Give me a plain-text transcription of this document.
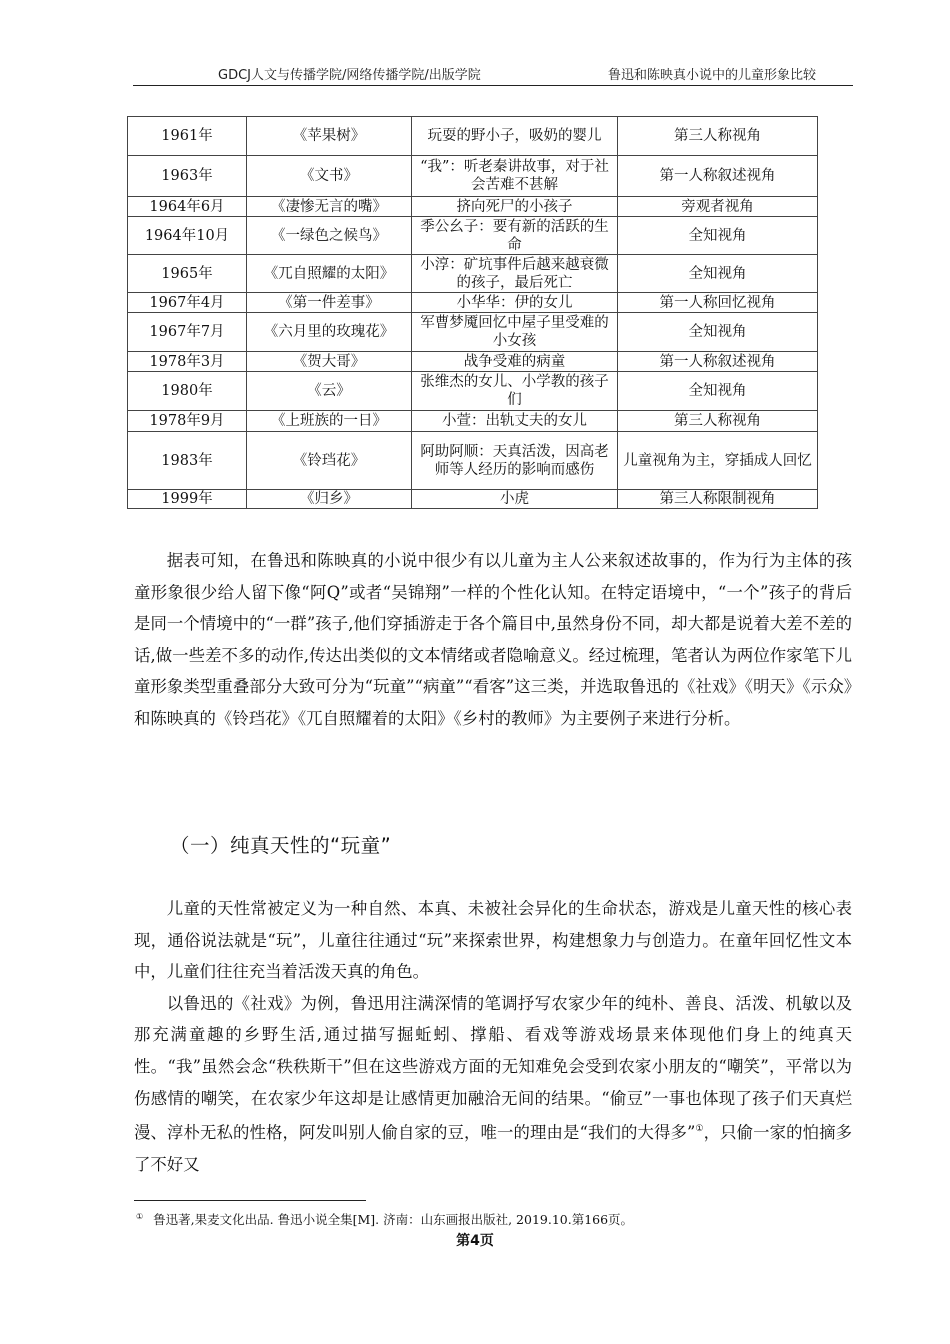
GDCJ人文与传播学院/网络传播学院/出版学院	鲁迅和陈映真小说中的儿童形象比较
1961年	《苹果树》	玩耍的野小子，吸奶的婴儿	第三人称视角
1963年	《文书》	“我”：听老秦讲故事，对于社会苦难不甚解	第一人称叙述视角
1964年6月	《凄惨无言的嘴》	挤向死尸的小孩子	旁观者视角
1964年10月	《一绿色之候鸟》	季公幺子：要有新的活跃的生命	全知视角
1965年	《兀自照耀的太阳》	小淳：矿坑事件后越来越衰微的孩子，最后死亡	全知视角
1967年4月	《第一件差事》	小华华：伊的女儿	第一人称回忆视角
1967年7月	《六月里的玫瑰花》	军曹梦魇回忆中屋子里受难的小女孩	全知视角
1978年3月	《贺大哥》	战争受难的病童	第一人称叙述视角
1980年	《云》	张维杰的女儿、小学教的孩子们	全知视角
1978年9月	《上班族的一日》	小萱：出轨丈夫的女儿	第三人称视角
1983年	《铃珰花》	阿助阿顺：天真活泼，因高老师等人经历的影响而感伤	儿童视角为主，穿插成人回忆
1999年	《归乡》	小虎	第三人称限制视角

据表可知，在鲁迅和陈映真的小说中很少有以儿童为主人公来叙述故事的，作为行为主体的孩童形象很少给人留下像“阿Q”或者“吴锦翔”一样的个性化认知。在特定语境中，“一个”孩子的背后是同一个情境中的“一群”孩子,他们穿插游走于各个篇目中,虽然身份不同，却大都是说着大差不差的话,做一些差不多的动作,传达出类似的文本情绪或者隐喻意义。经过梳理，笔者认为两位作家笔下儿童形象类型重叠部分大致可分为“玩童”“病童”“看客”这三类，并选取鲁迅的《社戏》《明天》《示众》和陈映真的《铃珰花》《兀自照耀着的太阳》《乡村的教师》为主要例子来进行分析。

（一）纯真天性的“玩童”

儿童的天性常被定义为一种自然、本真、未被社会异化的生命状态，游戏是儿童天性的核心表现，通俗说法就是“玩”，儿童往往通过“玩”来探索世界，构建想象力与创造力。在童年回忆性文本中，儿童们往往充当着活泼天真的角色。

以鲁迅的《社戏》为例，鲁迅用注满深情的笔调抒写农家少年的纯朴、善良、活泼、机敏以及那充满童趣的乡野生活,通过描写掘蚯蚓、撑船、看戏等游戏场景来体现他们身上的纯真天性。“我”虽然会念“秩秩斯干”但在这些游戏方面的无知难免会受到农家小朋友的“嘲笑”，平常以为伤感情的嘲笑，在农家少年这却是让感情更加融洽无间的结果。“偷豆”一事也体现了孩子们天真烂漫、淳朴无私的性格，阿发叫别人偷自家的豆，唯一的理由是“我们的大得多”①，只偷一家的怕摘多了不好又

① 鲁迅著,果麦文化出品. 鲁迅小说全集[M]. 济南：山东画报出版社, 2019.10.第166页。
第4页
